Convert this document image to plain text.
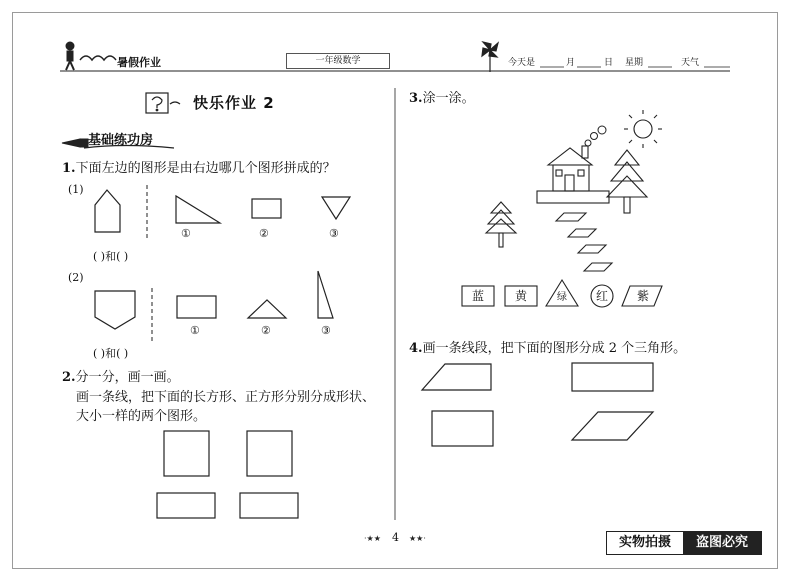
·★★	★★·
暑假作业	一年级数学	今天是	月	日 星期	天气
快乐作业 2
基础练功房
1.下面左边的图形是由右边哪几个图形拼成的？
(1)
①	②	③
( )和( )
(2)
①	②	③
( )和( )
2.分一分，画一画。
画一条线，把下面的长方形、正方形分别分成形状、
大小一样的两个图形。
3.涂一涂。
蓝	黄	绿	红	紫
4.画一条线段，把下面的图形分成 2 个三角形。
4	实物拍摄	盗图必究
